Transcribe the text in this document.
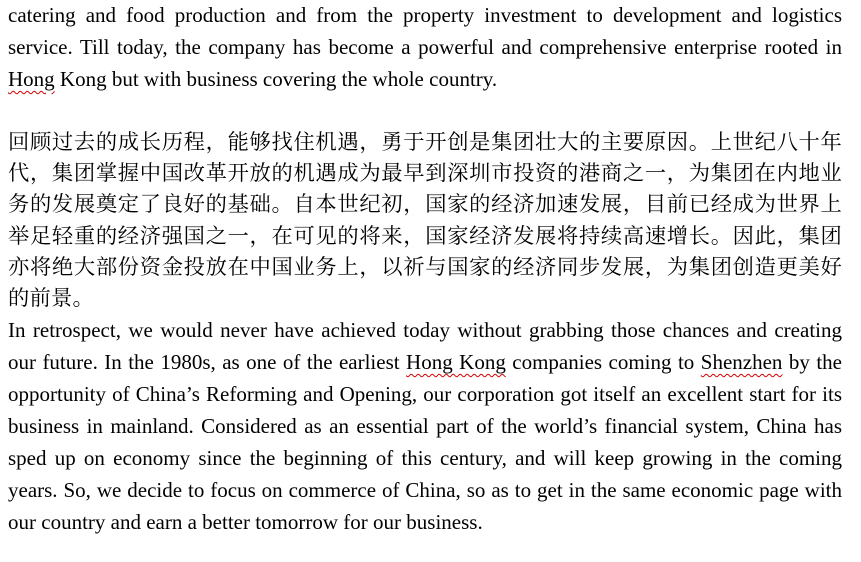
catering and food production and from the property investment to development and logistics service. Till today, the company has become a powerful and comprehensive enterprise rooted in Hong Kong but with business covering the whole country.

回顾过去的成长历程，能够找住机遇，勇于开创是集团壮大的主要原因。上世纪八十年代，集团掌握中国改革开放的机遇成为最早到深圳市投资的港商之一，为集团在内地业务的发展奠定了良好的基础。自本世纪初，国家的经济加速发展，目前已经成为世界上举足轻重的经济强国之一，在可见的将来，国家经济发展将持续高速增长。因此，集团亦将绝大部份资金投放在中国业务上，以祈与国家的经济同步发展，为集团创造更美好的前景。

In retrospect, we would never have achieved today without grabbing those chances and creating our future. In the 1980s, as one of the earliest Hong Kong companies coming to Shenzhen by the opportunity of China’s Reforming and Opening, our corporation got itself an excellent start for its business in mainland. Considered as an essential part of the world’s financial system, China has sped up on economy since the beginning of this century, and will keep growing in the coming years. So, we decide to focus on commerce of China, so as to get in the same economic page with our country and earn a better tomorrow for our business.
